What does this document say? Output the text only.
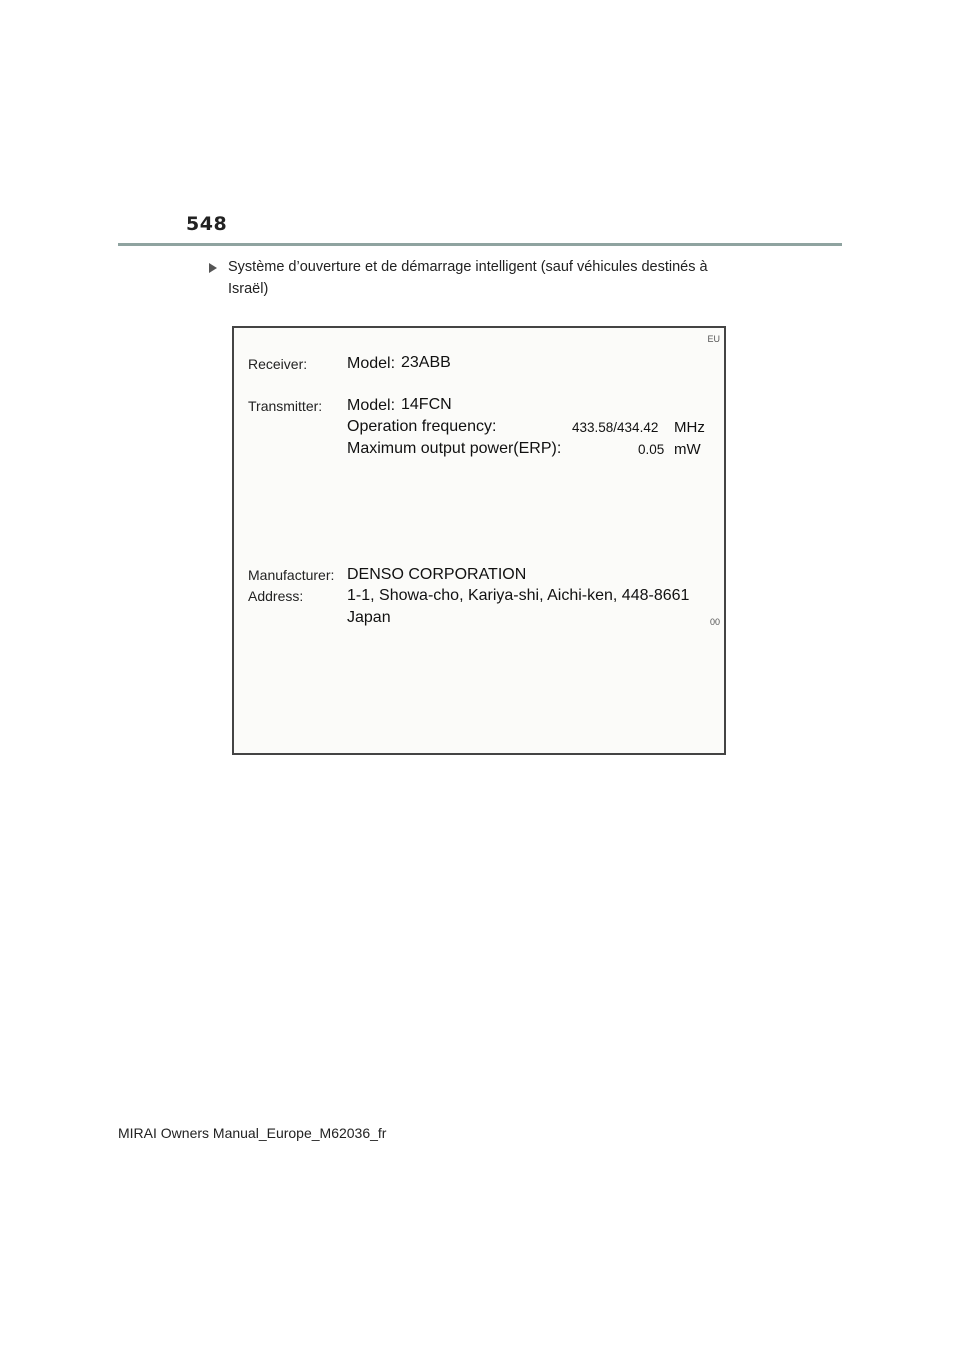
548
Système d’ouverture et de démarrage intelligent (sauf véhicules destinés à Israël)
EU
00
Receiver: Model: 23ABB
Transmitter: Model: 14FCN
Operation frequency:	433.58/434.42 MHz
Maximum output power(ERP):	0.05 mW
Manufacturer: DENSO CORPORATION
Address:	1-1, Showa-cho, Kariya-shi, Aichi-ken, 448-8661
Japan
MIRAI Owners Manual_Europe_M62036_fr
